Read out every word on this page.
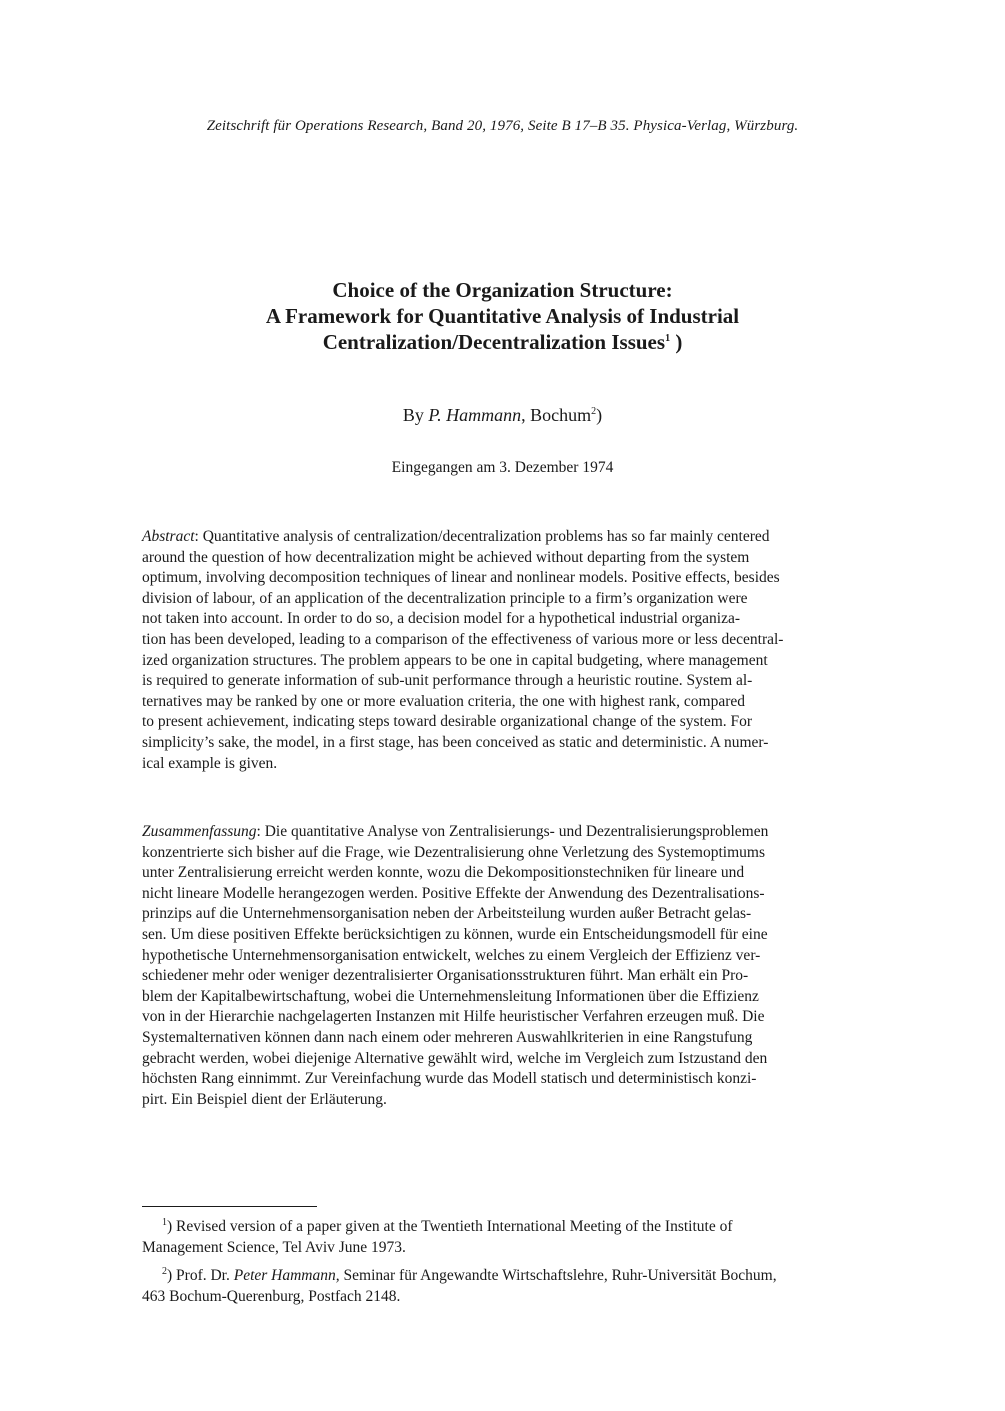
Zeitschrift für Operations Research, Band 20, 1976, Seite B 17–B 35. Physica-Verlag, Würzburg.
Choice of the Organization Structure:
A Framework for Quantitative Analysis of Industrial
Centralization/Decentralization Issues$^1$ )
By P. Hammann, Bochum$^2$)
Eingegangen am 3. Dezember 1974
Abstract: Quantitative analysis of centralization/decentralization problems has so far mainly centered
around the question of how decentralization might be achieved without departing from the system
optimum, involving decomposition techniques of linear and nonlinear models. Positive effects, besides
division of labour, of an application of the decentralization principle to a firm’s organization were
not taken into account. In order to do so, a decision model for a hypothetical industrial organiza-
tion has been developed, leading to a comparison of the effectiveness of various more or less decentral-
ized organization structures. The problem appears to be one in capital budgeting, where management
is required to generate information of sub-unit performance through a heuristic routine. System al-
ternatives may be ranked by one or more evaluation criteria, the one with highest rank, compared
to present achievement, indicating steps toward desirable organizational change of the system. For
simplicity’s sake, the model, in a first stage, has been conceived as static and deterministic. A numer-
ical example is given.
Zusammenfassung: Die quantitative Analyse von Zentralisierungs- und Dezentralisierungsproblemen
konzentrierte sich bisher auf die Frage, wie Dezentralisierung ohne Verletzung des Systemoptimums
unter Zentralisierung erreicht werden konnte, wozu die Dekompositionstechniken für lineare und
nicht lineare Modelle herangezogen werden. Positive Effekte der Anwendung des Dezentralisations-
prinzips auf die Unternehmensorganisation neben der Arbeitsteilung wurden außer Betracht gelas-
sen. Um diese positiven Effekte berücksichtigen zu können, wurde ein Entscheidungsmodell für eine
hypothetische Unternehmensorganisation entwickelt, welches zu einem Vergleich der Effizienz ver-
schiedener mehr oder weniger dezentralisierter Organisationsstrukturen führt. Man erhält ein Pro-
blem der Kapitalbewirtschaftung, wobei die Unternehmensleitung Informationen über die Effizienz
von in der Hierarchie nachgelagerten Instanzen mit Hilfe heuristischer Verfahren erzeugen muß. Die
Systemalternativen können dann nach einem oder mehreren Auswahlkriterien in eine Rangstufung
gebracht werden, wobei diejenige Alternative gewählt wird, welche im Vergleich zum Istzustand den
höchsten Rang einnimmt. Zur Vereinfachung wurde das Modell statisch und deterministisch konzi-
pirt. Ein Beispiel dient der Erläuterung.
$^1$) Revised version of a paper given at the Twentieth International Meeting of the Institute of
Management Science, Tel Aviv June 1973.
$^2$) Prof. Dr. Peter Hammann, Seminar für Angewandte Wirtschaftslehre, Ruhr-Universität Bochum,
463 Bochum-Querenburg, Postfach 2148.
